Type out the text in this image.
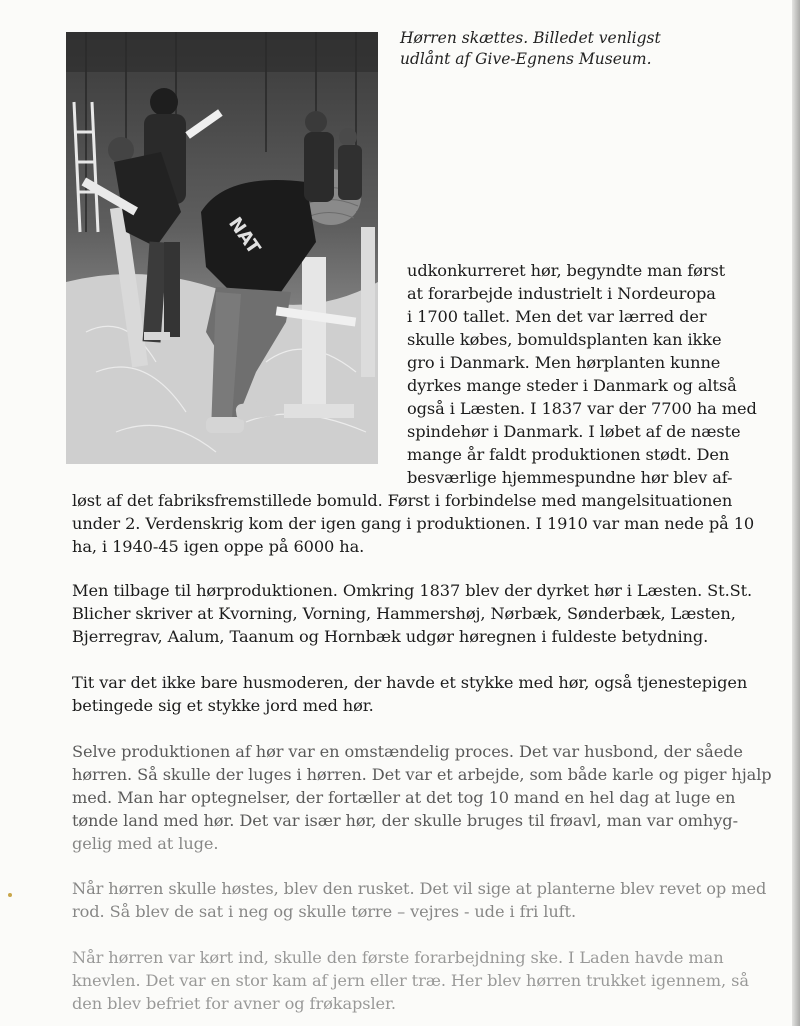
NAT
Hørren skættes. Billedet venligst
udlånt af Give-Egnens Museum.
udkonkurreret hør, begyndte man først
at forarbejde industrielt i Nordeuropa
i 1700 tallet. Men det var lærred der
skulle købes, bomuldsplanten kan ikke
gro i Danmark. Men hørplanten kunne
dyrkes mange steder i Danmark og altså
også i Læsten. I 1837 var der 7700 ha med
spindehør i Danmark. I løbet af de næste
mange år faldt produktionen stødt. Den
besværlige hjemmespundne hør blev af-
løst af det fabriksfremstillede bomuld. Først i forbindelse med mangelsituationen
under 2. Verdenskrig kom der igen gang i produktionen. I 1910 var man nede på 10
ha, i 1940-45 igen oppe på 6000 ha.
Men tilbage til hørproduktionen. Omkring 1837 blev der dyrket hør i Læsten. St.St.
Blicher skriver at Kvorning, Vorning, Hammershøj, Nørbæk, Sønderbæk, Læsten,
Bjerregrav, Aalum, Taanum og Hornbæk udgør høregnen i fuldeste betydning.
Tit var det ikke bare husmoderen, der havde et stykke med hør, også tjenestepigen
betingede sig et stykke jord med hør.
Selve produktionen af hør var en omstændelig proces. Det var husbond, der såede
hørren. Så skulle der luges i hørren. Det var et arbejde, som både karle og piger hjalp
med. Man har optegnelser, der fortæller at det tog 10 mand en hel dag at luge en
tønde land med hør. Det var især hør, der skulle bruges til frøavl, man var omhyg-
gelig med at luge.
Når hørren skulle høstes, blev den rusket. Det vil sige at planterne blev revet op med
rod. Så blev de sat i neg og skulle tørre – vejres - ude i fri luft.
Når hørren var kørt ind, skulle den første forarbejdning ske. I Laden havde man
knevlen. Det var en stor kam af jern eller træ. Her blev hørren trukket igennem, så
den blev befriet for avner og frøkapsler.
